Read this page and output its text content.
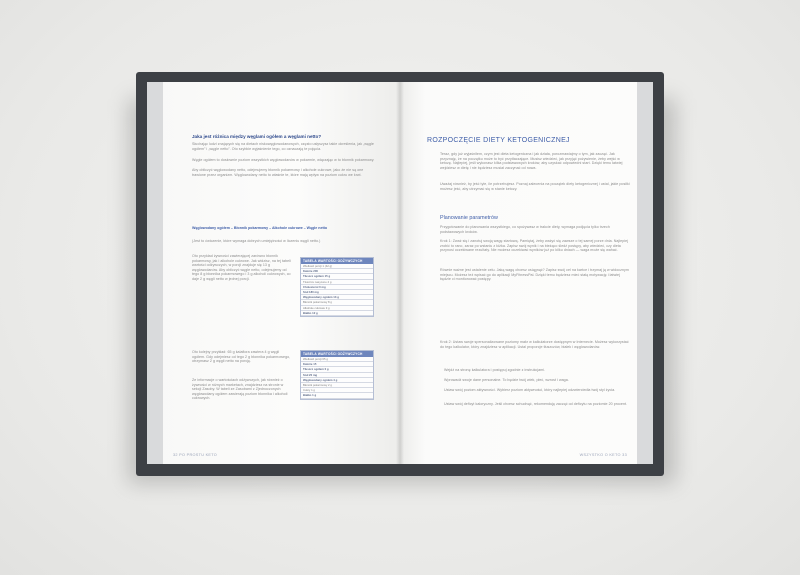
Jaka jest różnica między węglami ogółem a węglami netto?
Słuchając ludzi znających się na dietach niskowęglowodanowych, często usłyszysz takie określenia, jak „węgle ogółem” i „węgle netto”. Oto szybkie wyjaśnienie tego, co oznaczają te pojęcia.
Węgle ogółem to dosłownie poziom wszystkich węglowodanów w pokarmie, włączając w to błonnik pokarmowy.
Aby obliczyć węglowodany netto, odejmujemy błonnik pokarmowy i alkohole cukrowe, jako że nie są one trawione przez organizm. Węglowodany netto to właśnie te, które mają wpływ na poziom cukru we krwi.
Węglowodany ogółem – Błonnik pokarmowy – Alkohole cukrowe – Węgle netto
(Jest to ćwiczenie, które wymaga dobrych umiejętności w liczeniu węgli netto.)
Oto przykład żywności zawierającej zarówno błonnik pokarmowy, jak i alkohole cukrowe. Jak widzisz, na tej tabeli wartości odżywczych, w porcji znajduje się 13 g węglowodanów. Aby obliczyć węgle netto, odejmujemy od tego 8 g błonnika pokarmowego i 3 g alkoholi cukrowych, co daje 2 g węgli netto w jednej porcji.
Oto kolejny przykład: 65 g kalafiora zawiera 4 g węgli ogółem. Gdy odejmiesz od tego 2 g błonnika pokarmowego, otrzymasz 2 g węgli netto na porcję.
Ze informacje o wartościach odżywczych, jak również o żywności w różnych marketach, znajdziesz na stronie w sekcji Zasoby. W tabeli ze Zasobami z Zjednoczonych węglowodany ogółem zawierają poziom błonnika i alkoholi cukrowych.
TABELA WARTOŚCI ODŻYWCZYCH
Wielkość porcji 1 (42 g)
Kalorie 200
Tłuszcz ogółem 15 g
Tłuszcze nasycone 4 g
Cholesterol 0 mg
Sód 180 mg
Węglowodany ogółem 13 g
Błonnik pokarmowy 8 g
Alkohole cukrowe 3 g
Białko 12 g
TABELA WARTOŚCI ODŻYWCZYCH
Wielkość porcji 65 g
Kalorie 15
Tłuszcz ogółem 0 g
Sód 20 mg
Węglowodany ogółem 4 g
Błonnik pokarmowy 2 g
Cukry 1 g
Białko 1 g
32 PO PROSTU KETO
ROZPOCZĘCIE DIETY KETOGENICZNEJ
Teraz, gdy już wyjaśniłem, czym jest dieta ketogeniczna i jak działa, porozmawiajmy o tym, jak zacząć. Jak przyznaję, że na początku może to być przytłaczające. Musisz wiedzieć, jak przyjąć pożywienie, żeby wejść w ketozę. Najlepiej, jeśli wykonasz kilka podstawowych kroków, aby uzyskać odpowiedni start. Dzięki temu łatwiej wejdziesz w dietę i nie będziesz musiał zaczynać od nowa.
Uważaj również, by jeść tyle, ile potrzebujesz. Poznaj zalecenia na początek diety ketogenicznej i ustal, jakie posiłki możesz jeść, aby utrzymać się w stanie ketozy.
Planowanie parametrów
Przygotowanie do planowania wszystkiego, co spożywasz w trakcie diety, wymaga podjęcia tylko trzech podstawowych kroków.
Krok 1: Zważ się i zanotuj swoją wagę startową. Pamiętaj, żeby ważyć się zawsze o tej samej porze dnia. Najlepiej zrobić to rano, zaraz po wstaniu z łóżka. Zapisz swój wynik i na bieżąco śledź postępy, aby wiedzieć, czy dieta przynosi oczekiwane rezultaty. Nie możesz oczekiwać wyników już po kilku dniach — waga może się wahać.
Równie ważne jest ustalenie celu. Jaką wagę chcesz osiągnąć? Zapisz swój cel na kartce i trzymaj ją w widocznym miejscu. Możesz też wpisać go do aplikacji MyFitnessPal. Dzięki temu będziesz mieć stałą motywację i łatwiej będzie ci monitorować postępy.
Krok 2: Ustaw swoje spersonalizowane poziomy makr w kalkulatorze dostępnym w Internecie. Możesz wykorzystać do tego kalkulator, który znajdziesz w aplikacji. Ustal proporcje tłuszczów, białek i węglowodanów.
Wejdź na stronę kalkulatora i postępuj zgodnie z instrukcjami.
Wprowadź swoje dane personalne. To będzie twój wiek, płeć, wzrost i waga.
Ustaw swój poziom aktywności. Wybierz poziom aktywności, który najlepiej odzwierciedla twój styl życia.
Ustaw swój deficyt kaloryczny. Jeśli chcesz schudnąć, rekomenduję zacząć od deficytu na poziomie 20 procent.
WSZYSTKO O KETO 33
